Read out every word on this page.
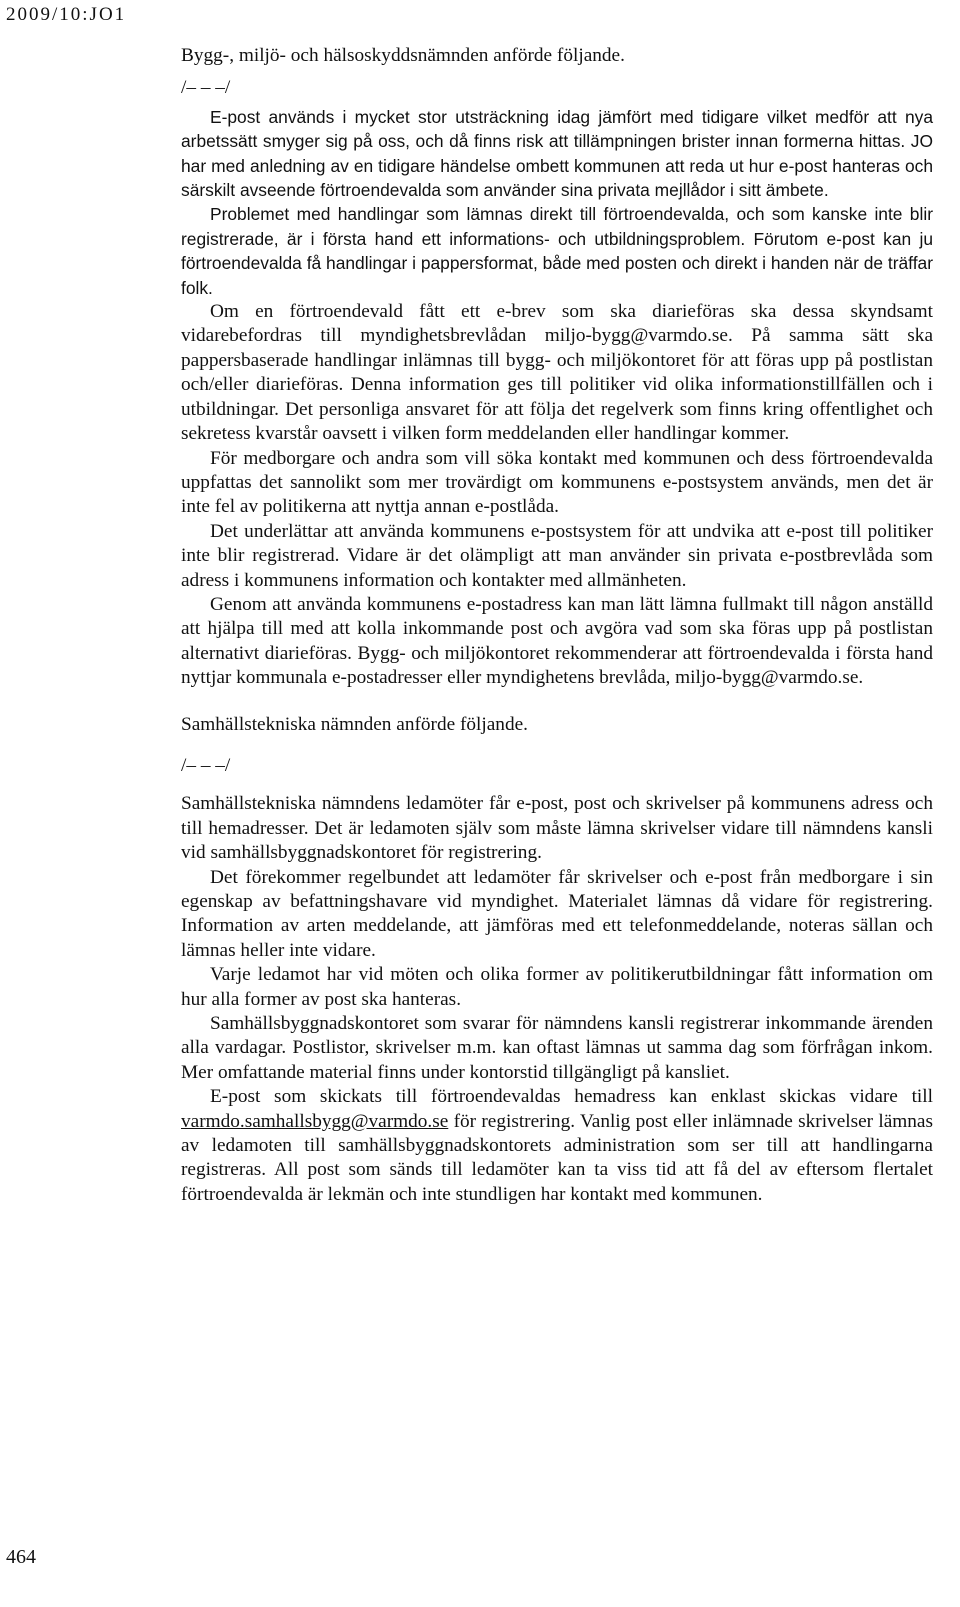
2009/10:JO1

Bygg-, miljö- och hälsoskyddsnämnden anförde följande.

/– – –/

E-post används i mycket stor utsträckning idag jämfört med tidigare vilket medför att nya arbetssätt smyger sig på oss, och då finns risk att tillämpningen brister innan formerna hittas. JO har med anledning av en tidigare händelse ombett kommunen att reda ut hur e-post hanteras och särskilt avseende förtroendevalda som använder sina privata mejllådor i sitt ämbete.

Problemet med handlingar som lämnas direkt till förtroendevalda, och som kanske inte blir registrerade, är i första hand ett informations- och utbildningsproblem. Förutom e-post kan ju förtroendevalda få handlingar i pappersformat, både med posten och direkt i handen när de träffar folk.

Om en förtroendevald fått ett e-brev som ska diarieföras ska dessa skyndsamt vidarebefordras till myndighetsbrevlådan miljo-bygg@varmdo.se. På samma sätt ska pappersbaserade handlingar inlämnas till bygg- och miljökontoret för att föras upp på postlistan och/eller diarieföras. Denna information ges till politiker vid olika informationstillfällen och i utbildningar. Det personliga ansvaret för att följa det regelverk som finns kring offentlighet och sekretess kvarstår oavsett i vilken form meddelanden eller handlingar kommer.

För medborgare och andra som vill söka kontakt med kommunen och dess förtroendevalda uppfattas det sannolikt som mer trovärdigt om kommunens e-postsystem används, men det är inte fel av politikerna att nyttja annan e-postlåda.

Det underlättar att använda kommunens e-postsystem för att undvika att e-post till politiker inte blir registrerad. Vidare är det olämpligt att man använder sin privata e-postbrevlåda som adress i kommunens information och kontakter med allmänheten.

Genom att använda kommunens e-postadress kan man lätt lämna fullmakt till någon anställd att hjälpa till med att kolla inkommande post och avgöra vad som ska föras upp på postlistan alternativt diarieföras. Bygg- och miljökontoret rekommenderar att förtroendevalda i första hand nyttjar kommunala e-postadresser eller myndighetens brevlåda, miljo-bygg@varmdo.se.

Samhällstekniska nämnden anförde följande.

/– – –/

Samhällstekniska nämndens ledamöter får e-post, post och skrivelser på kommunens adress och till hemadresser. Det är ledamoten själv som måste lämna skrivelser vidare till nämndens kansli vid samhällsbyggnadskontoret för registrering.

Det förekommer regelbundet att ledamöter får skrivelser och e-post från medborgare i sin egenskap av befattningshavare vid myndighet. Materialet lämnas då vidare för registrering. Information av arten meddelande, att jämföras med ett telefonmeddelande, noteras sällan och lämnas heller inte vidare.

Varje ledamot har vid möten och olika former av politikerutbildningar fått information om hur alla former av post ska hanteras.

Samhällsbyggnadskontoret som svarar för nämndens kansli registrerar inkommande ärenden alla vardagar. Postlistor, skrivelser m.m. kan oftast lämnas ut samma dag som förfrågan inkom. Mer omfattande material finns under kontorstid tillgängligt på kansliet.

E-post som skickats till förtroendevaldas hemadress kan enklast skickas vidare till varmdo.samhallsbygg@varmdo.se för registrering. Vanlig post eller inlämnade skrivelser lämnas av ledamoten till samhällsbyggnadskontorets administration som ser till att handlingarna registreras. All post som sänds till ledamöter kan ta viss tid att få del av eftersom flertalet förtroendevalda är lekmän och inte stundligen har kontakt med kommunen.

464
